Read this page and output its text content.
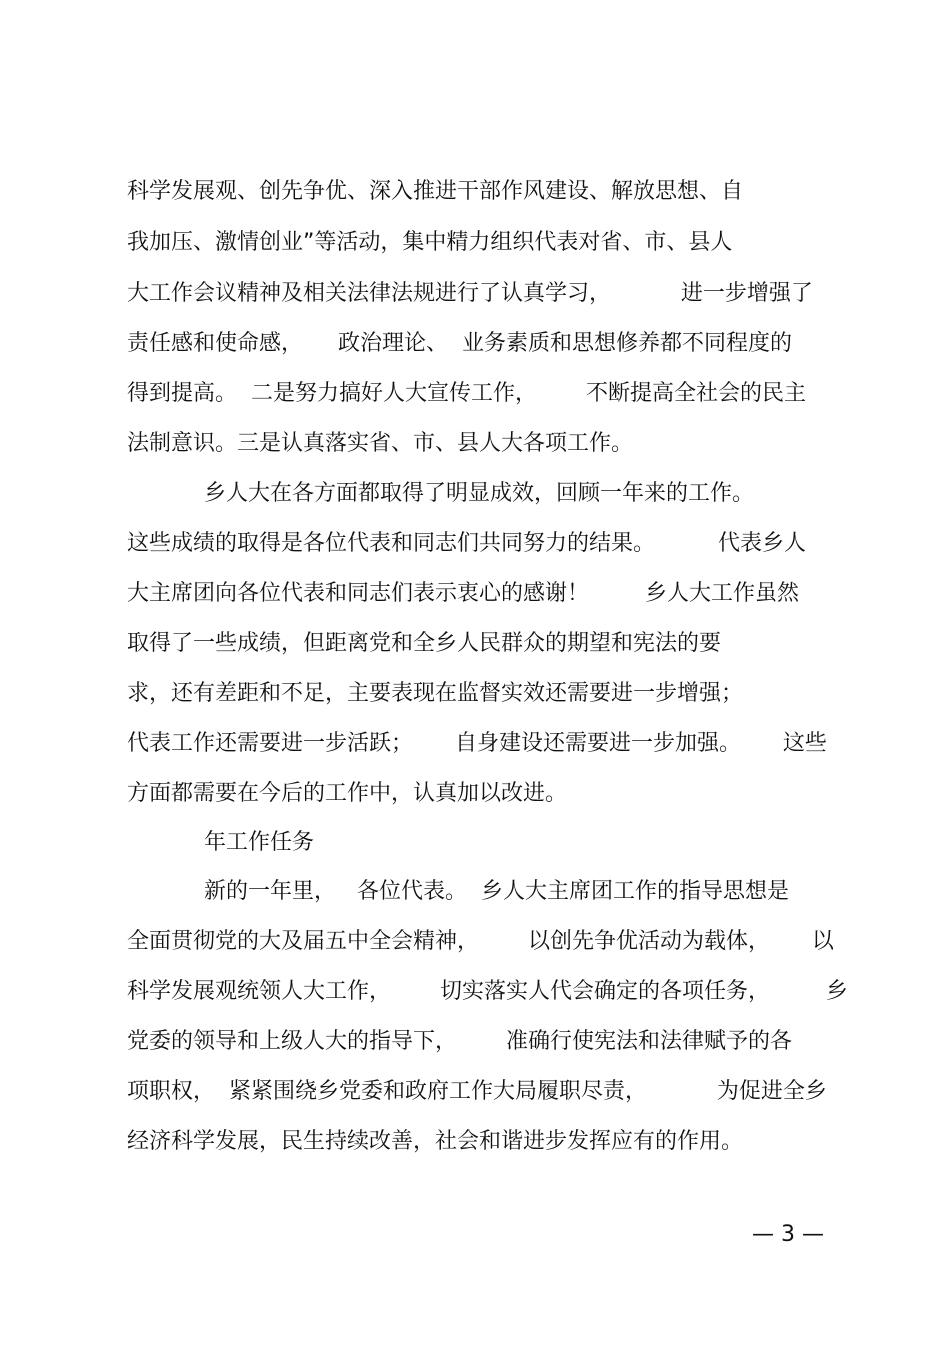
科学发展观、创先争优、深入推进干部作风建设、解放思想、自
我加压、激情创业”等活动，集中精力组织代表对省、市、县人
大工作会议精神及相关法律法规进行了认真学习，          进一步增强了
责任感和使命感，     政治理论、  业务素质和思想修养都不同程度的
得到提高。  二是努力搞好人大宣传工作，       不断提高全社会的民主
法制意识。三是认真落实省、市、县人大各项工作。
乡人大在各方面都取得了明显成效，回顾一年来的工作。
这些成绩的取得是各位代表和同志们共同努力的结果。         代表乡人
大主席团向各位代表和同志们表示衷心的感谢！        乡人大工作虽然
取得了一些成绩，但距离党和全乡人民群众的期望和宪法的要
求，还有差距和不足，主要表现在监督实效还需要进一步增强；
代表工作还需要进一步活跃；      自身建设还需要进一步加强。      这些
方面都需要在今后的工作中，认真加以改进。
年工作任务
新的一年里，   各位代表。  乡人大主席团工作的指导思想是
全面贯彻党的大及届五中全会精神，       以创先争优活动为载体，      以
科学发展观统领人大工作，       切实落实人代会确定的各项任务，        乡
党委的领导和上级人大的指导下，       准确行使宪法和法律赋予的各
项职权，  紧紧围绕乡党委和政府工作大局履职尽责，          为促进全乡
经济科学发展，民生持续改善，社会和谐进步发挥应有的作用。
— 3 —
